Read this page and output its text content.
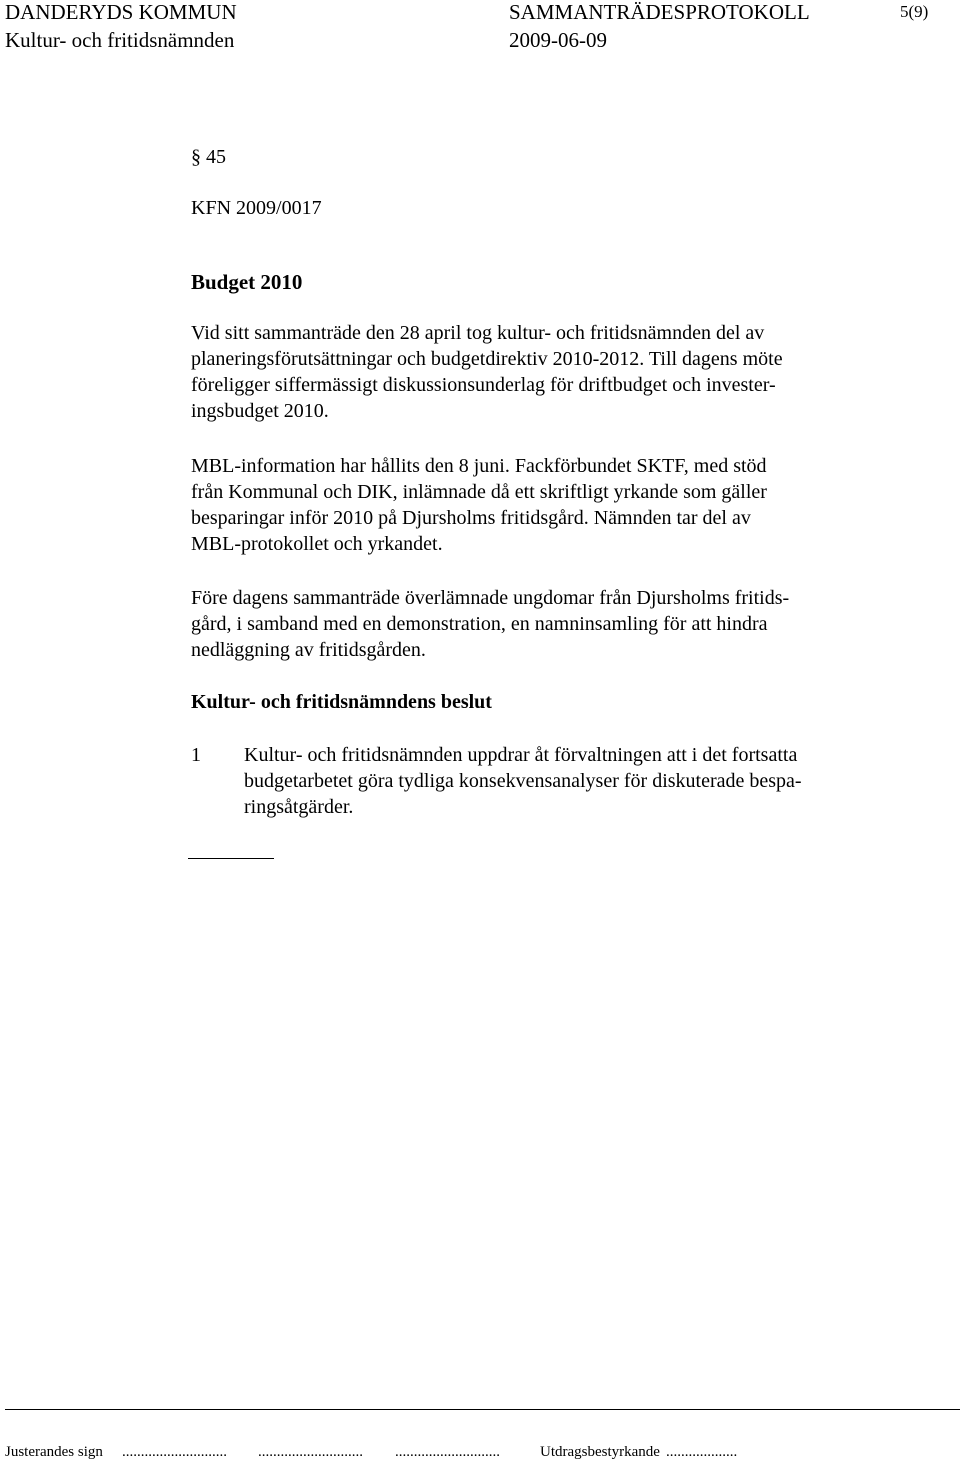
DANDERYDS KOMMUN
Kultur- och fritidsnämnden
SAMMANTRÄDESPROTOKOLL
2009-06-09
5(9)
§ 45
KFN 2009/0017
Budget 2010
Vid sitt sammanträde den 28 april tog kultur- och fritidsnämnden del av
planeringsförutsättningar och budgetdirektiv 2010-2012. Till dagens möte
föreligger siffermässigt diskussionsunderlag för driftbudget och invester-
ingsbudget 2010.
MBL-information har hållits den 8 juni. Fackförbundet SKTF, med stöd
från Kommunal och DIK, inlämnade då ett skriftligt yrkande som gäller
besparingar inför 2010 på Djursholms fritidsgård. Nämnden tar del av
MBL-protokollet och yrkandet.
Före dagens sammanträde överlämnade ungdomar från Djursholms fritids-
gård, i samband med en demonstration, en namninsamling för att hindra
nedläggning av fritidsgården.
Kultur- och fritidsnämndens beslut
1 Kultur- och fritidsnämnden uppdrar åt förvaltningen att i det fortsatta
budgetarbetet göra tydliga konsekvensanalyser för diskuterade bespa-
ringsåtgärder.
Justerandes sign ............................ ............................ ............................	Utdragsbestyrkande ...................
